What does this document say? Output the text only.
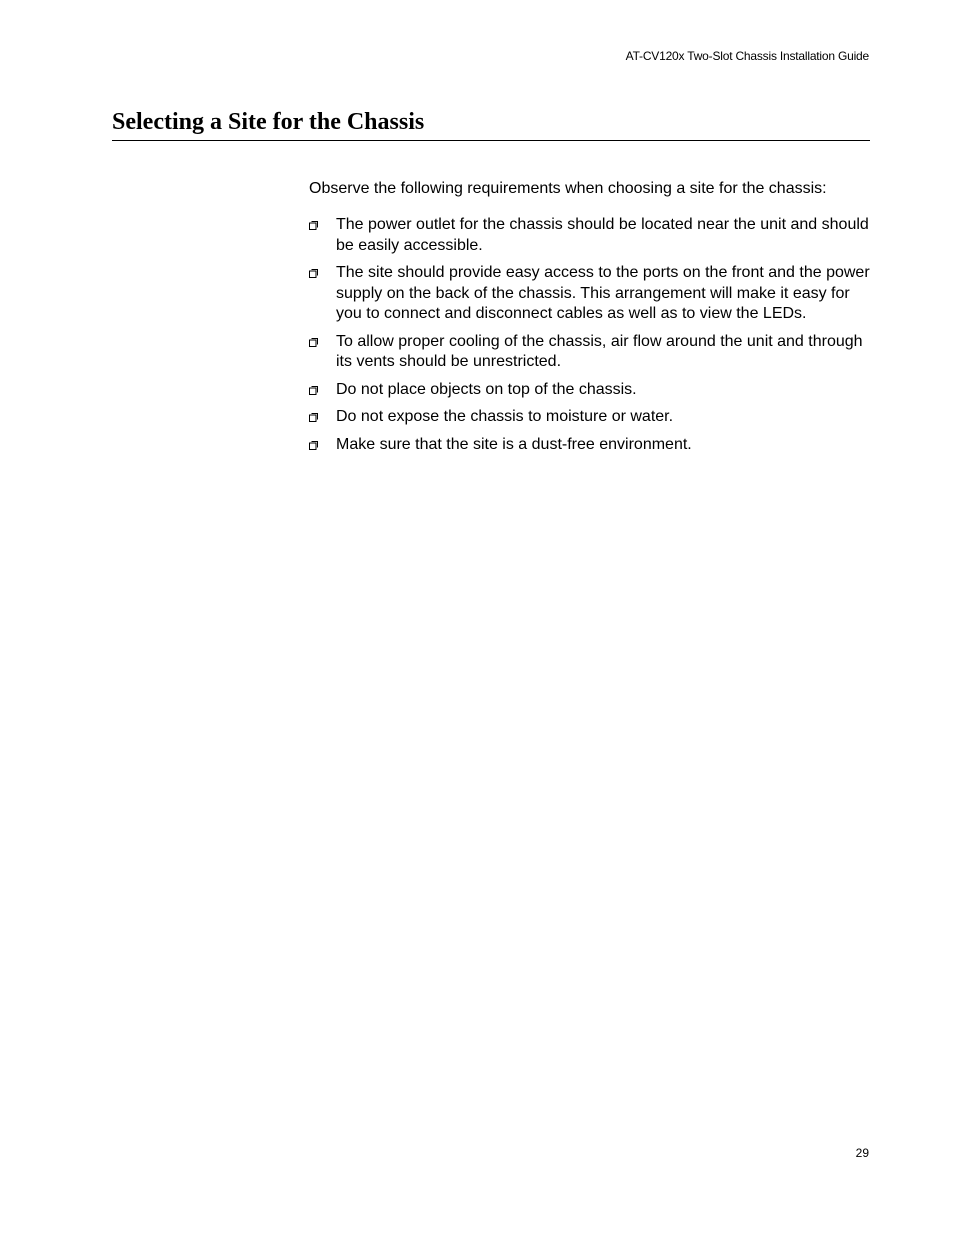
AT-CV120x Two-Slot Chassis Installation Guide
Selecting a Site for the Chassis

Observe the following requirements when choosing a site for the chassis:

The power outlet for the chassis should be located near the unit and should be easily accessible.
The site should provide easy access to the ports on the front and the power supply on the back of the chassis. This arrangement will make it easy for you to connect and disconnect cables as well as to view the LEDs.
To allow proper cooling of the chassis, air flow around the unit and through its vents should be unrestricted.
Do not place objects on top of the chassis.
Do not expose the chassis to moisture or water.
Make sure that the site is a dust-free environment.
29
